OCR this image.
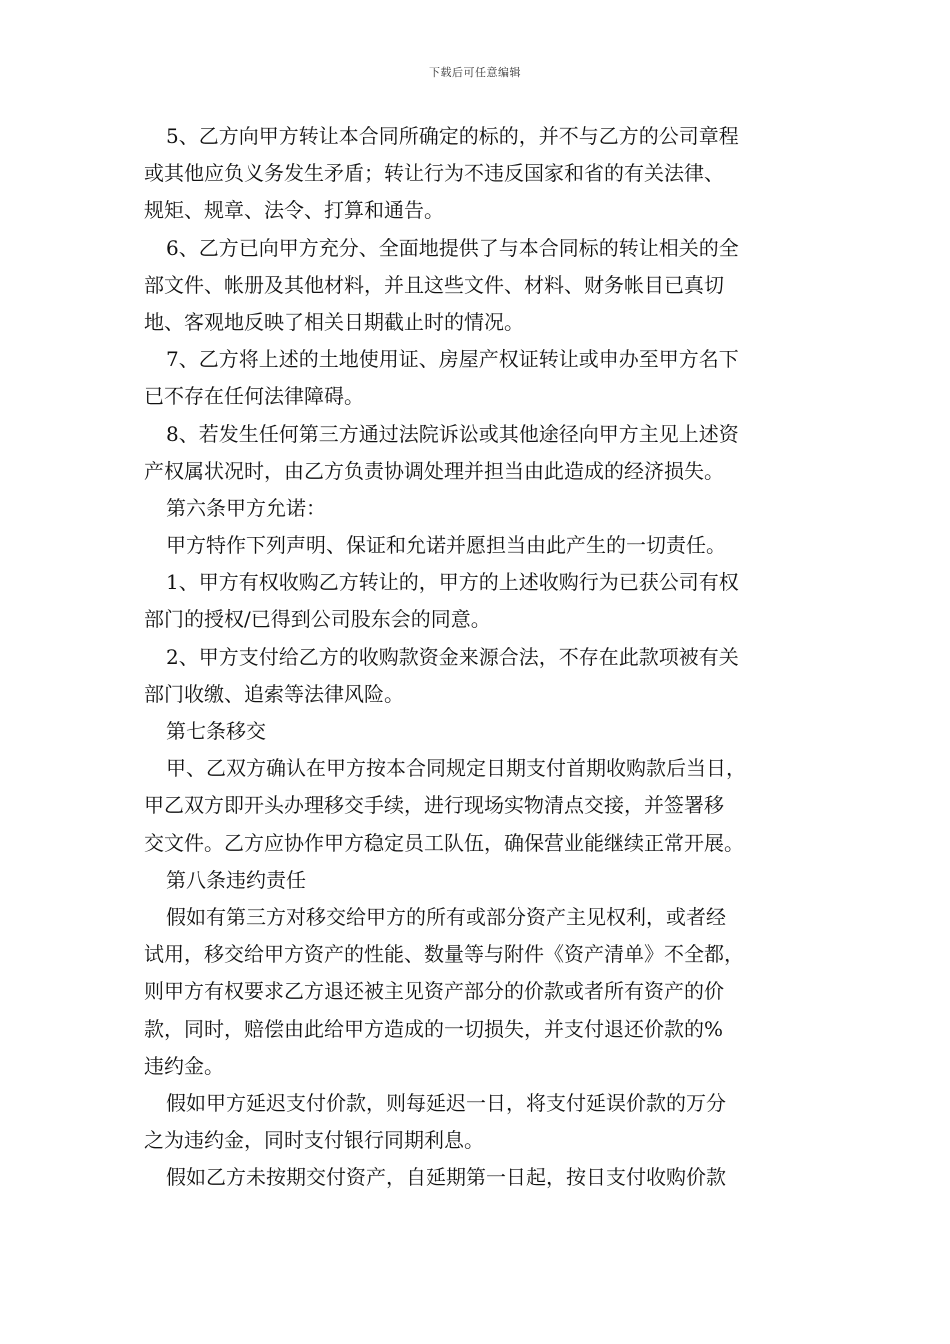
下载后可任意编辑
5、乙方向甲方转让本合同所确定的标的，并不与乙方的公司章程
或其他应负义务发生矛盾；转让行为不违反国家和省的有关法律、
规矩、规章、法令、打算和通告。
6、乙方已向甲方充分、全面地提供了与本合同标的转让相关的全
部文件、帐册及其他材料，并且这些文件、材料、财务帐目已真切
地、客观地反映了相关日期截止时的情况。
7、乙方将上述的土地使用证、房屋产权证转让或申办至甲方名下
已不存在任何法律障碍。
8、若发生任何第三方通过法院诉讼或其他途径向甲方主见上述资
产权属状况时，由乙方负责协调处理并担当由此造成的经济损失。
第六条甲方允诺：
甲方特作下列声明、保证和允诺并愿担当由此产生的一切责任。
1、甲方有权收购乙方转让的，甲方的上述收购行为已获公司有权
部门的授权/已得到公司股东会的同意。
2、甲方支付给乙方的收购款资金来源合法，不存在此款项被有关
部门收缴、追索等法律风险。
第七条移交
甲、乙双方确认在甲方按本合同规定日期支付首期收购款后当日，
甲乙双方即开头办理移交手续，进行现场实物清点交接，并签署移
交文件。乙方应协作甲方稳定员工队伍，确保营业能继续正常开展。
第八条违约责任
假如有第三方对移交给甲方的所有或部分资产主见权利，或者经
试用，移交给甲方资产的性能、数量等与附件《资产清单》不全都，
则甲方有权要求乙方退还被主见资产部分的价款或者所有资产的价
款，同时，赔偿由此给甲方造成的一切损失，并支付退还价款的%
违约金。
假如甲方延迟支付价款，则每延迟一日，将支付延误价款的万分
之为违约金，同时支付银行同期利息。
假如乙方未按期交付资产，自延期第一日起，按日支付收购价款
